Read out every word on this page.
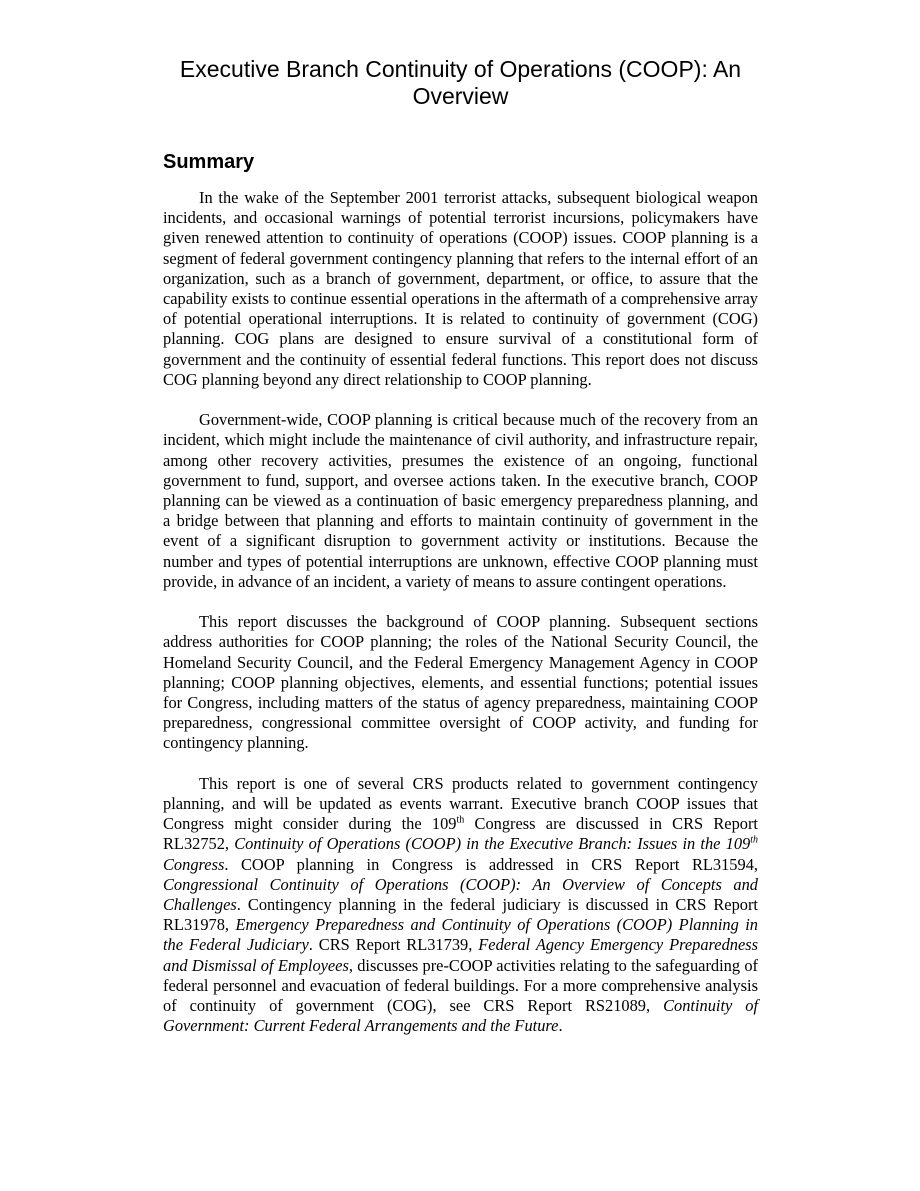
Executive Branch Continuity of Operations (COOP): An Overview
Summary

In the wake of the September 2001 terrorist attacks, subsequent biological weapon incidents, and occasional warnings of potential terrorist incursions, policymakers have given renewed attention to continuity of operations (COOP) issues. COOP planning is a segment of federal government contingency planning that refers to the internal effort of an organization, such as a branch of government, department, or office, to assure that the capability exists to continue essential operations in the aftermath of a comprehensive array of potential operational interruptions. It is related to continuity of government (COG) planning. COG plans are designed to ensure survival of a constitutional form of government and the continuity of essential federal functions. This report does not discuss COG planning beyond any direct relationship to COOP planning.

Government-wide, COOP planning is critical because much of the recovery from an incident, which might include the maintenance of civil authority, and infrastructure repair, among other recovery activities, presumes the existence of an ongoing, functional government to fund, support, and oversee actions taken. In the executive branch, COOP planning can be viewed as a continuation of basic emergency preparedness planning, and a bridge between that planning and efforts to maintain continuity of government in the event of a significant disruption to government activity or institutions. Because the number and types of potential interruptions are unknown, effective COOP planning must provide, in advance of an incident, a variety of means to assure contingent operations.

This report discusses the background of COOP planning. Subsequent sections address authorities for COOP planning; the roles of the National Security Council, the Homeland Security Council, and the Federal Emergency Management Agency in COOP planning; COOP planning objectives, elements, and essential functions; potential issues for Congress, including matters of the status of agency preparedness, maintaining COOP preparedness, congressional committee oversight of COOP activity, and funding for contingency planning.

This report is one of several CRS products related to government contingency planning, and will be updated as events warrant. Executive branch COOP issues that Congress might consider during the 109th Congress are discussed in CRS Report RL32752, Continuity of Operations (COOP) in the Executive Branch: Issues in the 109th Congress. COOP planning in Congress is addressed in CRS Report RL31594, Congressional Continuity of Operations (COOP): An Overview of Concepts and Challenges. Contingency planning in the federal judiciary is discussed in CRS Report RL31978, Emergency Preparedness and Continuity of Operations (COOP) Planning in the Federal Judiciary. CRS Report RL31739, Federal Agency Emergency Preparedness and Dismissal of Employees, discusses pre-COOP activities relating to the safeguarding of federal personnel and evacuation of federal buildings. For a more comprehensive analysis of continuity of government (COG), see CRS Report RS21089, Continuity of Government: Current Federal Arrangements and the Future.
